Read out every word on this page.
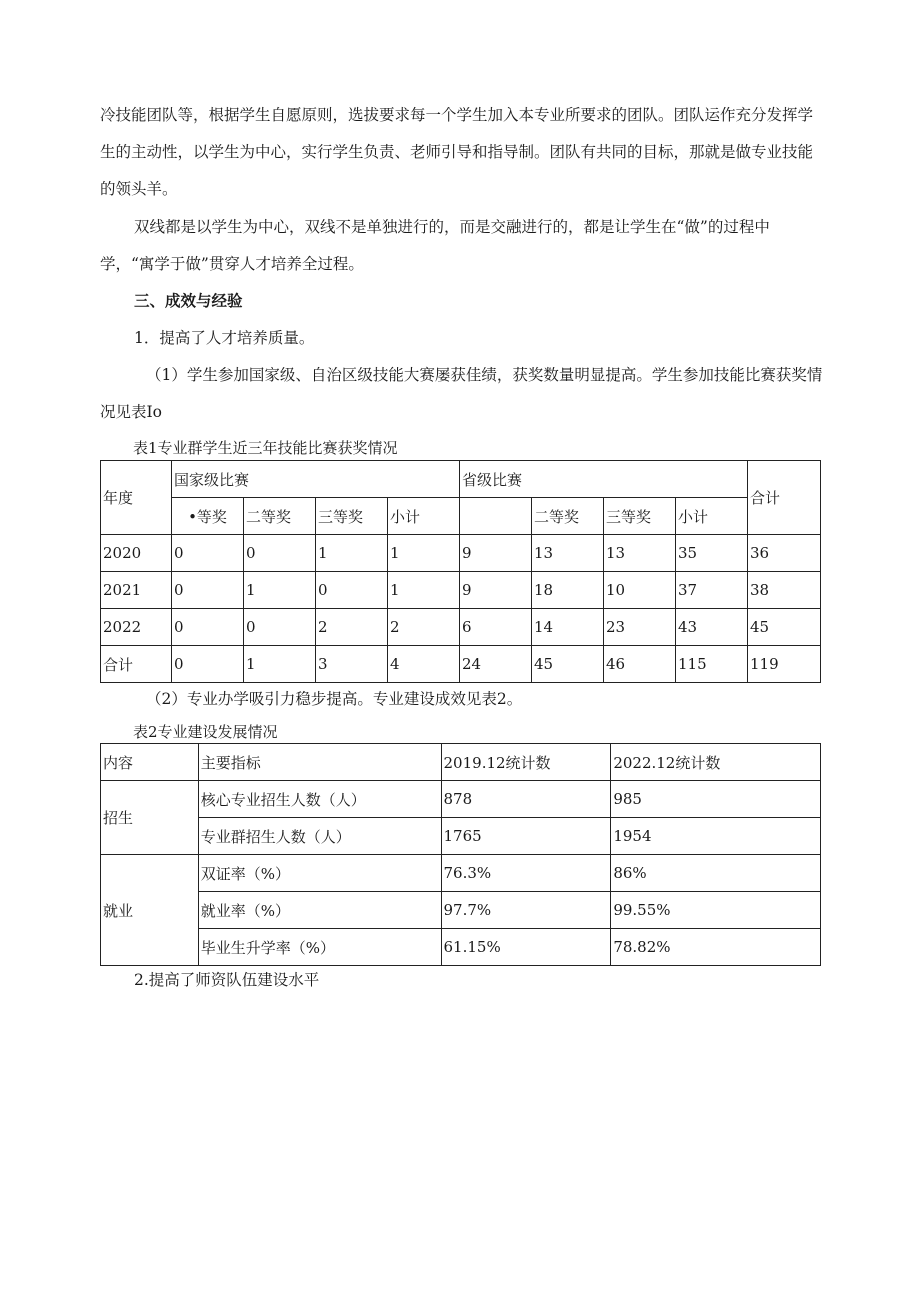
冷技能团队等，根据学生自愿原则，选拔要求每一个学生加入本专业所要求的团队。团队运作充分发挥学生的主动性，以学生为中心，实行学生负责、老师引导和指导制。团队有共同的目标，那就是做专业技能的领头羊。

双线都是以学生为中心，双线不是单独进行的，而是交融进行的，都是让学生在“做”的过程中学，“寓学于做”贯穿人才培养全过程。

三、成效与经验

1．提高了人才培养质量。

（1）学生参加国家级、自治区级技能大赛屡获佳绩，获奖数量明显提高。学生参加技能比赛获奖情况见表Io

表1专业群学生近三年技能比赛获奖情况

年度	国家级比赛				省级比赛				合计
	•等奖	二等奖	三等奖	小计		二等奖	三等奖	小计	
2020	0	0	1	1	9	13	13	35	36
2021	0	1	0	1	9	18	10	37	38
2022	0	0	2	2	6	14	23	43	45
合计	0	1	3	4	24	45	46	115	119

（2）专业办学吸引力稳步提高。专业建设成效见表2。

表2专业建设发展情况

内容	主要指标	2019.12统计数	2022.12统计数
招生	核心专业招生人数（人）	878	985
	专业群招生人数（人）	1765	1954
就业	双证率（%）	76.3%	86%
	就业率（%）	97.7%	99.55%
	毕业生升学率（%）	61.15%	78.82%

2.提高了师资队伍建设水平
